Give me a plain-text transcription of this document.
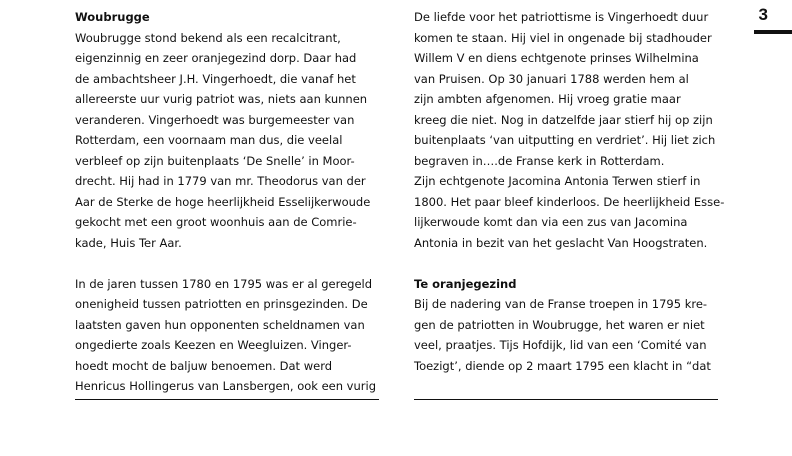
Woubrugge

Woubrugge stond bekend als een recalcitrant,

eigenzinnig en zeer oranjegezind dorp. Daar had

de ambachtsheer J.H. Vingerhoedt, die vanaf het

allereerste uur vurig patriot was, niets aan kunnen

veranderen. Vingerhoedt was burgemeester van

Rotterdam, een voornaam man dus, die veelal

verbleef op zijn buitenplaats ‘De Snelle’ in Moor-

drecht. Hij had in 1779 van mr. Theodorus van der

Aar de Sterke de hoge heerlijkheid Esselijkerwoude

gekocht met een groot woonhuis aan de Comrie-

kade, Huis Ter Aar.

In de jaren tussen 1780 en 1795 was er al geregeld

onenigheid tussen patriotten en prinsgezinden. De

laatsten gaven hun opponenten scheldnamen van

ongedierte zoals Keezen en Weegluizen. Vinger-

hoedt mocht de baljuw benoemen. Dat werd

Henricus Hollingerus van Lansbergen, ook een vurig

De liefde voor het patriottisme is Vingerhoedt duur

komen te staan. Hij viel in ongenade bij stadhouder

Willem V en diens echtgenote prinses Wilhelmina

van Pruisen. Op 30 januari 1788 werden hem al

zijn ambten afgenomen. Hij vroeg gratie maar

kreeg die niet. Nog in datzelfde jaar stierf hij op zijn

buitenplaats ‘van uitputting en verdriet’. Hij liet zich

begraven in….de Franse kerk in Rotterdam.

Zijn echtgenote Jacomina Antonia Terwen stierf in

1800. Het paar bleef kinderloos. De heerlijkheid Esse-

lijkerwoude komt dan via een zus van Jacomina

Antonia in bezit van het geslacht Van Hoogstraten.

Te oranjegezind

Bij de nadering van de Franse troepen in 1795 kre-

gen de patriotten in Woubrugge, het waren er niet

veel, praatjes. Tijs Hofdijk, lid van een ‘Comité van

Toezigt’, diende op 2 maart 1795 een klacht in “dat

3
